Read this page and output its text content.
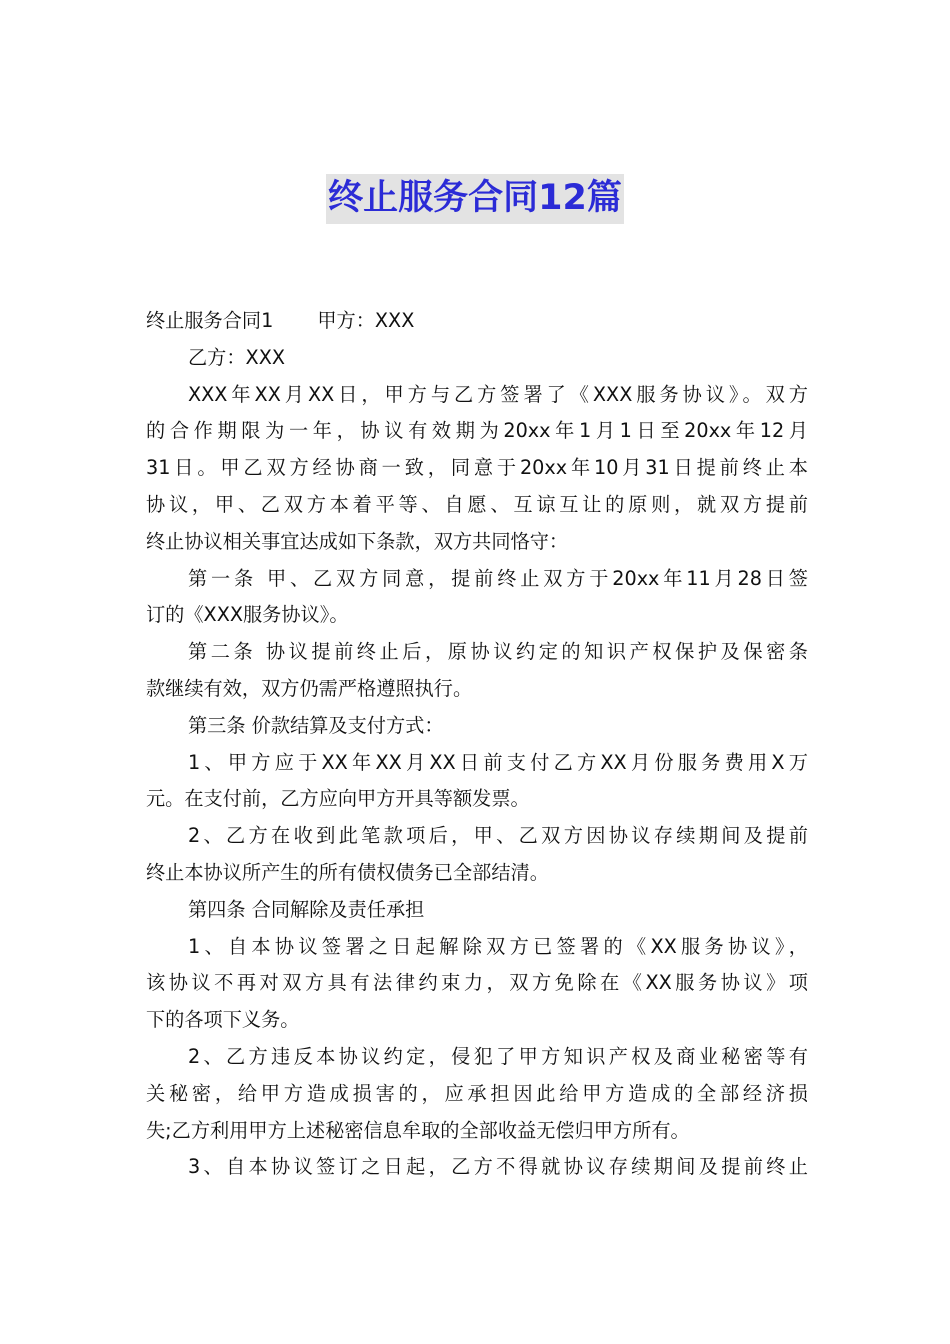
终止服务合同12篇
终止服务合同1 甲方：XXX
乙方：XXX
XXX年XX月XX日，甲方与乙方签署了《XXX服务协议》。双方
的合作期限为一年，协议有效期为20xx年1月1日至20xx年12月
31日。甲乙双方经协商一致，同意于20xx年10月31日提前终止本
协议，甲、乙双方本着平等、自愿、互谅互让的原则，就双方提前
终止协议相关事宜达成如下条款，双方共同恪守：
第一条 甲、乙双方同意，提前终止双方于20xx年11月28日签
订的《XXX服务协议》。
第二条 协议提前终止后，原协议约定的知识产权保护及保密条
款继续有效，双方仍需严格遵照执行。
第三条 价款结算及支付方式：
1、甲方应于XX年XX月XX日前支付乙方XX月份服务费用X万
元。在支付前，乙方应向甲方开具等额发票。
2、乙方在收到此笔款项后，甲、乙双方因协议存续期间及提前
终止本协议所产生的所有债权债务已全部结清。
第四条 合同解除及责任承担
1、自本协议签署之日起解除双方已签署的《XX服务协议》，
该协议不再对双方具有法律约束力，双方免除在《XX服务协议》项
下的各项下义务。
2、乙方违反本协议约定，侵犯了甲方知识产权及商业秘密等有
关秘密，给甲方造成损害的，应承担因此给甲方造成的全部经济损
失;乙方利用甲方上述秘密信息牟取的全部收益无偿归甲方所有。
3、自本协议签订之日起，乙方不得就协议存续期间及提前终止
